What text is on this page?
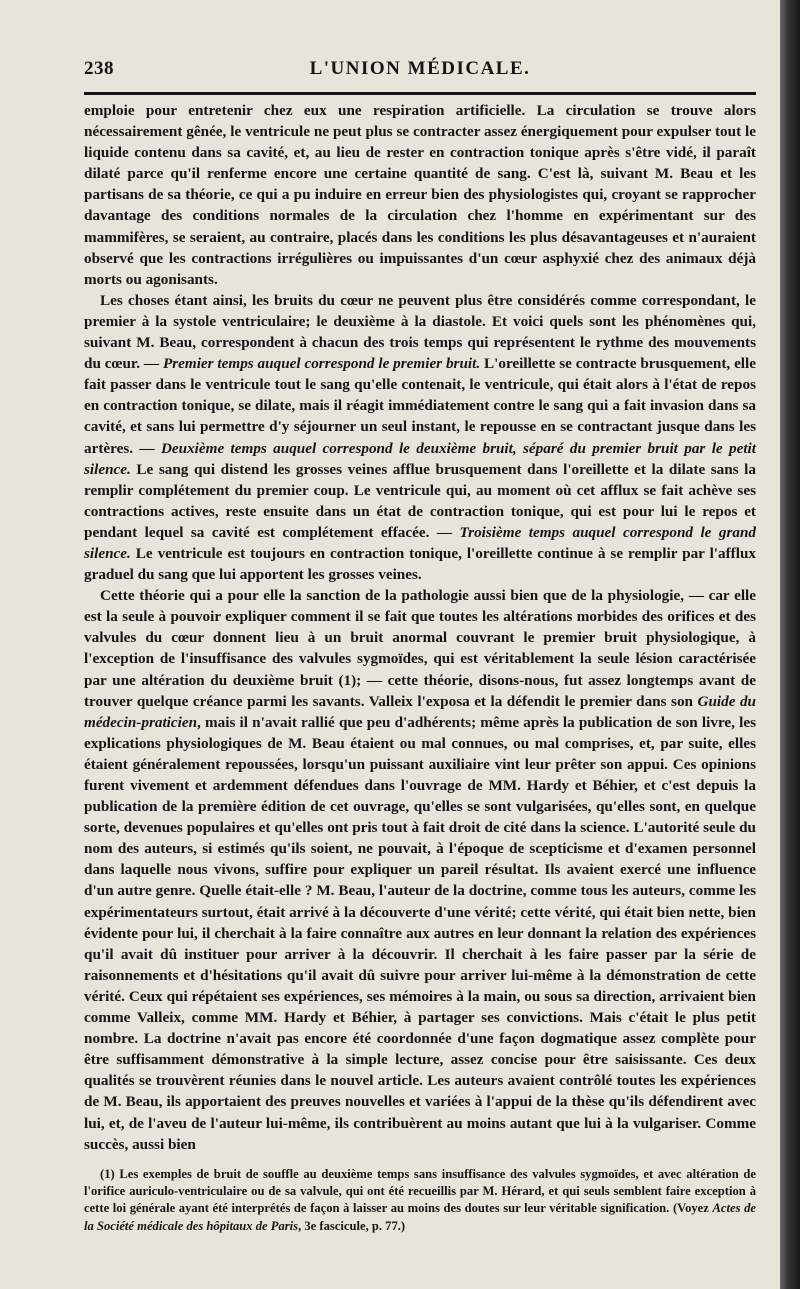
238	L'UNION MÉDICALE.

emploie pour entretenir chez eux une respiration artificielle. La circulation se trouve alors nécessairement gênée, le ventricule ne peut plus se contracter assez énergiquement pour expulser tout le liquide contenu dans sa cavité, et, au lieu de rester en contraction tonique après s'être vidé, il paraît dilaté parce qu'il renferme encore une certaine quantité de sang. C'est là, suivant M. Beau et les partisans de sa théorie, ce qui a pu induire en erreur bien des physiologistes qui, croyant se rapprocher davantage des conditions normales de la circulation chez l'homme en expérimentant sur des mammifères, se seraient, au contraire, placés dans les conditions les plus désavantageuses et n'auraient observé que les contractions irrégulières ou impuissantes d'un cœur asphyxié chez des animaux déjà morts ou agonisants.

Les choses étant ainsi, les bruits du cœur ne peuvent plus être considérés comme correspondant, le premier à la systole ventriculaire; le deuxième à la diastole. Et voici quels sont les phénomènes qui, suivant M. Beau, correspondent à chacun des trois temps qui représentent le rythme des mouvements du cœur. — Premier temps auquel correspond le premier bruit. L'oreillette se contracte brusquement, elle fait passer dans le ventricule tout le sang qu'elle contenait, le ventricule, qui était alors à l'état de repos en contraction tonique, se dilate, mais il réagit immédiatement contre le sang qui a fait invasion dans sa cavité, et sans lui permettre d'y séjourner un seul instant, le repousse en se contractant jusque dans les artères. — Deuxième temps auquel correspond le deuxième bruit, séparé du premier bruit par le petit silence. Le sang qui distend les grosses veines afflue brusquement dans l'oreillette et la dilate sans la remplir complétement du premier coup. Le ventricule qui, au moment où cet afflux se fait achève ses contractions actives, reste ensuite dans un état de contraction tonique, qui est pour lui le repos et pendant lequel sa cavité est complétement effacée. — Troisième temps auquel correspond le grand silence. Le ventricule est toujours en contraction tonique, l'oreillette continue à se remplir par l'afflux graduel du sang que lui apportent les grosses veines.

Cette théorie qui a pour elle la sanction de la pathologie aussi bien que de la physiologie, — car elle est la seule à pouvoir expliquer comment il se fait que toutes les altérations morbides des orifices et des valvules du cœur donnent lieu à un bruit anormal couvrant le premier bruit physiologique, à l'exception de l'insuffisance des valvules sygmoïdes, qui est véritablement la seule lésion caractérisée par une altération du deuxième bruit (1); — cette théorie, disons-nous, fut assez longtemps avant de trouver quelque créance parmi les savants. Valleix l'exposa et la défendit le premier dans son Guide du médecin-praticien, mais il n'avait rallié que peu d'adhérents; même après la publication de son livre, les explications physiologiques de M. Beau étaient ou mal connues, ou mal comprises, et, par suite, elles étaient généralement repoussées, lorsqu'un puissant auxiliaire vint leur prêter son appui. Ces opinions furent vivement et ardemment défendues dans l'ouvrage de MM. Hardy et Béhier, et c'est depuis la publication de la première édition de cet ouvrage, qu'elles se sont vulgarisées, qu'elles sont, en quelque sorte, devenues populaires et qu'elles ont pris tout à fait droit de cité dans la science. L'autorité seule du nom des auteurs, si estimés qu'ils soient, ne pouvait, à l'époque de scepticisme et d'examen personnel dans laquelle nous vivons, suffire pour expliquer un pareil résultat. Ils avaient exercé une influence d'un autre genre. Quelle était-elle ? M. Beau, l'auteur de la doctrine, comme tous les auteurs, comme les expérimentateurs surtout, était arrivé à la découverte d'une vérité; cette vérité, qui était bien nette, bien évidente pour lui, il cherchait à la faire connaître aux autres en leur donnant la relation des expériences qu'il avait dû instituer pour arriver à la découvrir. Il cherchait à les faire passer par la série de raisonnements et d'hésitations qu'il avait dû suivre pour arriver lui-même à la démonstration de cette vérité. Ceux qui répétaient ses expériences, ses mémoires à la main, ou sous sa direction, arrivaient bien comme Valleix, comme MM. Hardy et Béhier, à partager ses convictions. Mais c'était le plus petit nombre. La doctrine n'avait pas encore été coordonnée d'une façon dogmatique assez complète pour être suffisamment démonstrative à la simple lecture, assez concise pour être saisissante. Ces deux qualités se trouvèrent réunies dans le nouvel article. Les auteurs avaient contrôlé toutes les expériences de M. Beau, ils apportaient des preuves nouvelles et variées à l'appui de la thèse qu'ils défendirent avec lui, et, de l'aveu de l'auteur lui-même, ils contribuèrent au moins autant que lui à la vulgariser. Comme succès, aussi bien

(1) Les exemples de bruit de souffle au deuxième temps sans insuffisance des valvules sygmoïdes, et avec altération de l'orifice auriculo-ventriculaire ou de sa valvule, qui ont été recueillis par M. Hérard, et qui seuls semblent faire exception à cette loi générale ayant été interprétés de façon à laisser au moins des doutes sur leur véritable signification. (Voyez Actes de la Société médicale des hôpitaux de Paris, 3e fascicule, p. 77.)
